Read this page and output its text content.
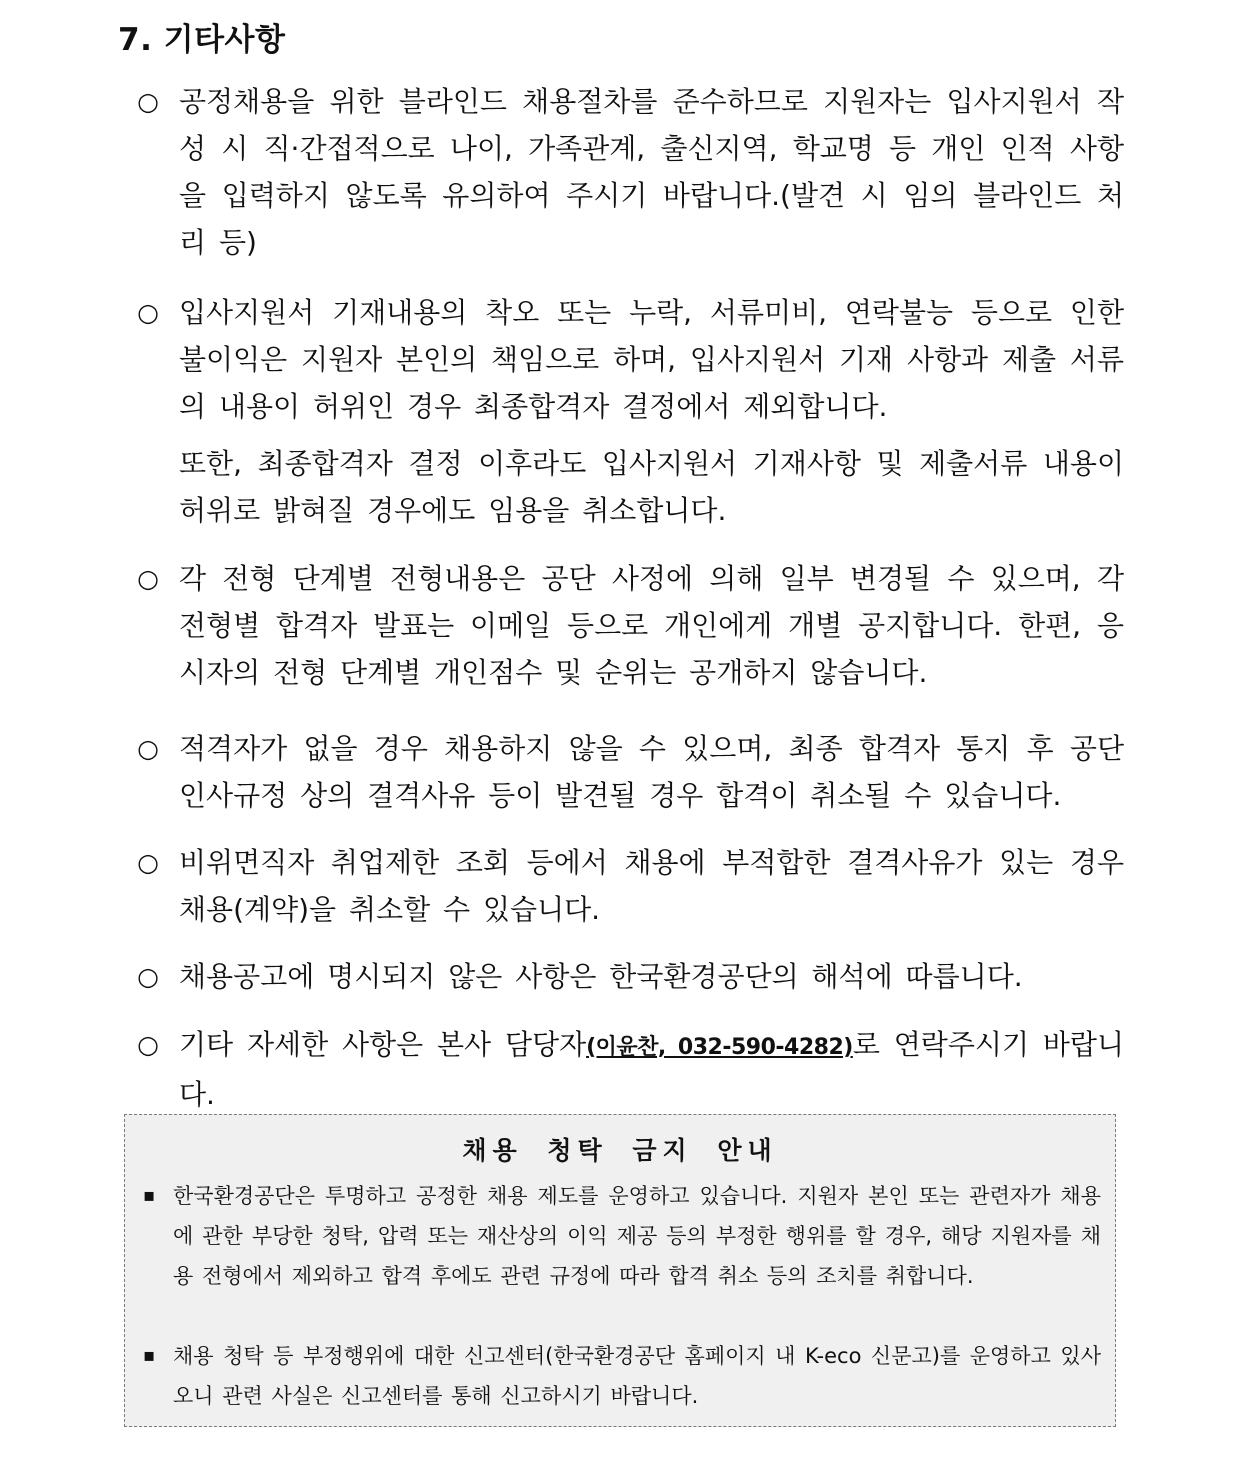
7. 기타사항
○ 공정채용을 위한 블라인드 채용절차를 준수하므로 지원자는 입사지원서 작성 시 직·간접적으로 나이, 가족관계, 출신지역, 학교명 등 개인 인적 사항을 입력하지 않도록 유의하여 주시기 바랍니다.(발견 시 임의 블라인드 처리 등)
○ 입사지원서 기재내용의 착오 또는 누락, 서류미비, 연락불능 등으로 인한 불이익은 지원자 본인의 책임으로 하며, 입사지원서 기재 사항과 제출 서류의 내용이 허위인 경우 최종합격자 결정에서 제외합니다.
또한, 최종합격자 결정 이후라도 입사지원서 기재사항 및 제출서류 내용이 허위로 밝혀질 경우에도 임용을 취소합니다.
○ 각 전형 단계별 전형내용은 공단 사정에 의해 일부 변경될 수 있으며, 각 전형별 합격자 발표는 이메일 등으로 개인에게 개별 공지합니다. 한편, 응시자의 전형 단계별 개인점수 및 순위는 공개하지 않습니다.
○ 적격자가 없을 경우 채용하지 않을 수 있으며, 최종 합격자 통지 후 공단 인사규정 상의 결격사유 등이 발견될 경우 합격이 취소될 수 있습니다.
○ 비위면직자 취업제한 조회 등에서 채용에 부적합한 결격사유가 있는 경우 채용(계약)을 취소할 수 있습니다.
○ 채용공고에 명시되지 않은 사항은 한국환경공단의 해석에 따릅니다.
○ 기타 자세한 사항은 본사 담당자(이윤찬, 032-590-4282)로 연락주시기 바랍니다.
채용 청탁 금지 안내
▪ 한국환경공단은 투명하고 공정한 채용 제도를 운영하고 있습니다. 지원자 본인 또는 관련자가 채용에 관한 부당한 청탁, 압력 또는 재산상의 이익 제공 등의 부정한 행위를 할 경우, 해당 지원자를 채용 전형에서 제외하고 합격 후에도 관련 규정에 따라 합격 취소 등의 조치를 취합니다.
▪ 채용 청탁 등 부정행위에 대한 신고센터(한국환경공단 홈페이지 내 K-eco 신문고)를 운영하고 있사오니 관련 사실은 신고센터를 통해 신고하시기 바랍니다.
